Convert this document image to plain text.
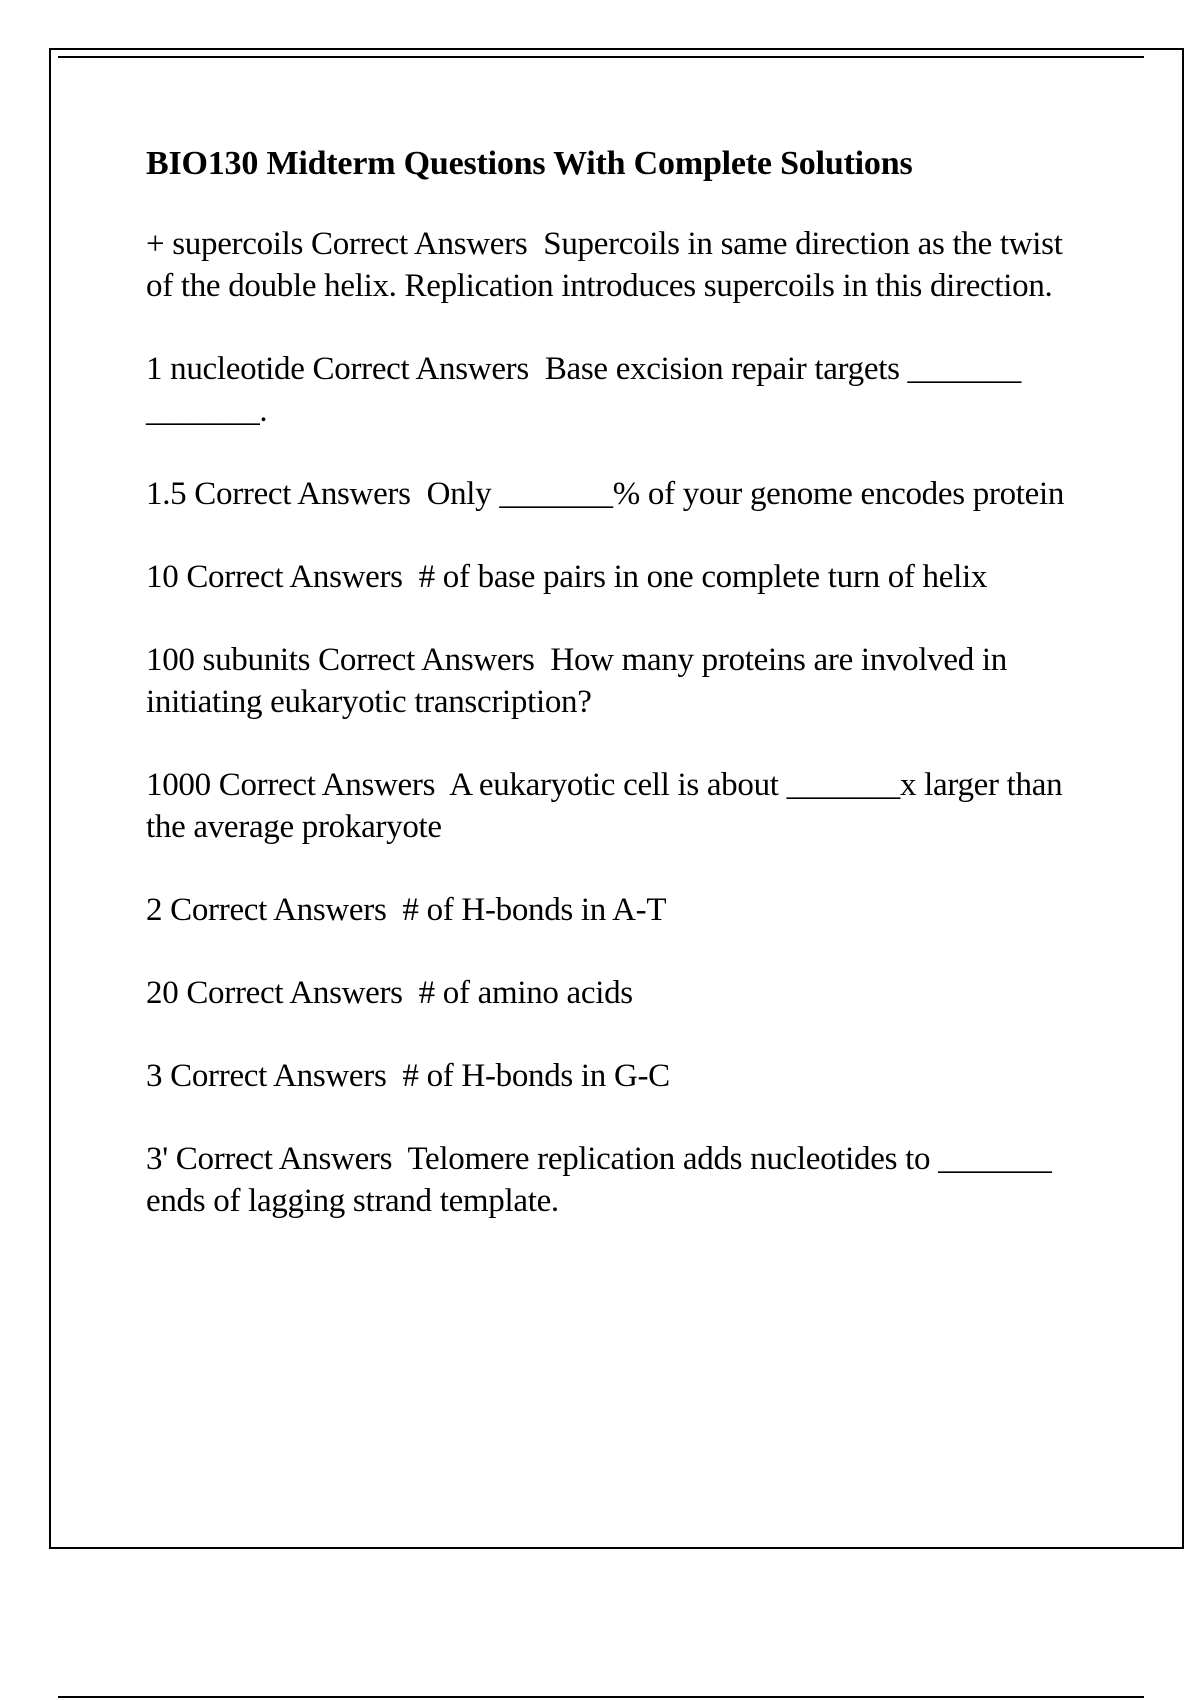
BIO130 Midterm Questions With Complete Solutions
+ supercoils Correct Answers Supercoils in same direction as the twist of the double helix. Replication introduces supercoils in this direction.
1 nucleotide Correct Answers Base excision repair targets _______ _______.
1.5 Correct Answers Only _______% of your genome encodes protein
10 Correct Answers # of base pairs in one complete turn of helix
100 subunits Correct Answers How many proteins are involved in initiating eukaryotic transcription?
1000 Correct Answers A eukaryotic cell is about _______x larger than the average prokaryote
2 Correct Answers # of H-bonds in A-T
20 Correct Answers # of amino acids
3 Correct Answers # of H-bonds in G-C
3' Correct Answers Telomere replication adds nucleotides to _______ ends of lagging strand template.
